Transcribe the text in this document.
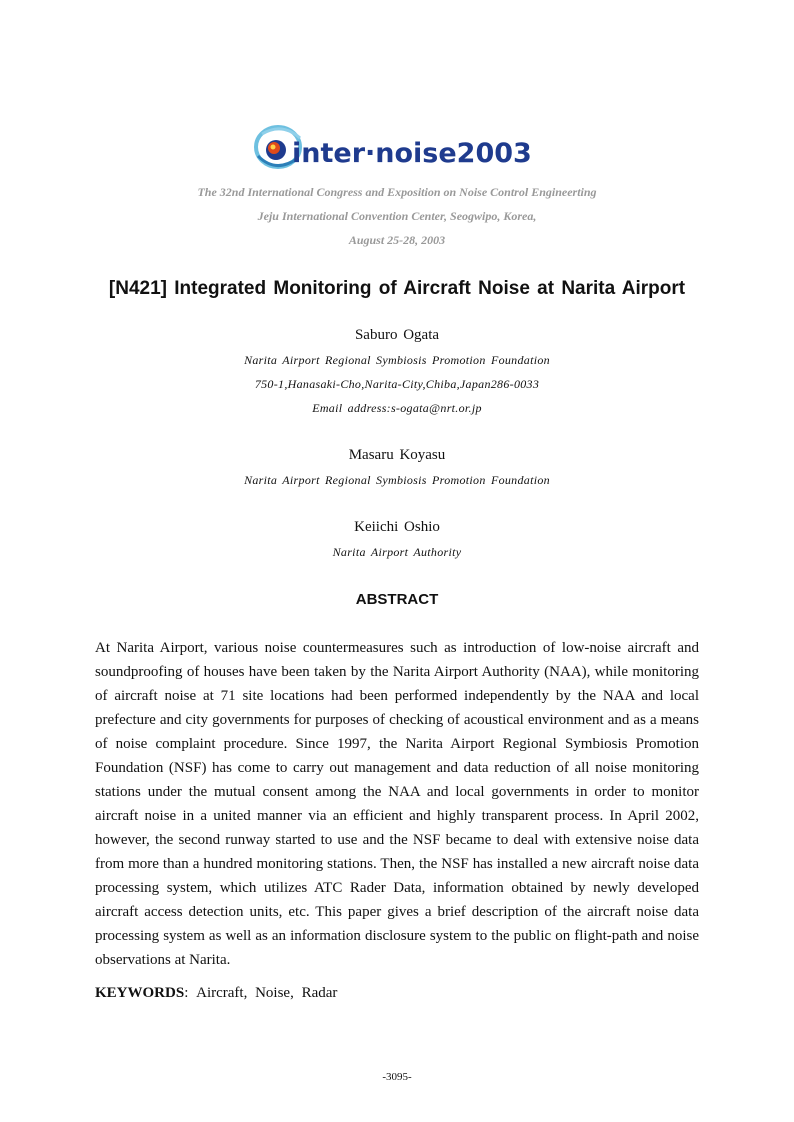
inter·noise2003
The 32nd International Congress and Exposition on Noise Control Engineerting
Jeju International Convention Center, Seogwipo, Korea,
August 25-28, 2003
[N421] Integrated Monitoring of Aircraft Noise at Narita Airport
Saburo Ogata
Narita Airport Regional Symbiosis Promotion Foundation
750-1,Hanasaki-Cho,Narita-City,Chiba,Japan286-0033
Email address:s-ogata@nrt.or.jp
Masaru Koyasu
Narita Airport Regional Symbiosis Promotion Foundation
Keiichi Oshio
Narita Airport Authority
ABSTRACT
At Narita Airport, various noise countermeasures such as introduction of low-noise aircraft and soundproofing of houses have been taken by the Narita Airport Authority (NAA), while monitoring of aircraft noise at 71 site locations had been performed independently by the NAA and local prefecture and city governments for purposes of checking of acoustical environment and as a means of noise complaint procedure. Since 1997, the Narita Airport Regional Symbiosis Promotion Foundation (NSF) has come to carry out management and data reduction of all noise monitoring stations under the mutual consent among the NAA and local governments in order to monitor aircraft noise in a united manner via an efficient and highly transparent process. In April 2002, however, the second runway started to use and the NSF became to deal with extensive noise data from more than a hundred monitoring stations. Then, the NSF has installed a new aircraft noise data processing system, which utilizes ATC Rader Data, information obtained by newly developed aircraft access detection units, etc. This paper gives a brief description of the aircraft noise data processing system as well as an information disclosure system to the public on flight-path and noise observations at Narita.
KEYWORDS: Aircraft, Noise, Radar
-3095-
